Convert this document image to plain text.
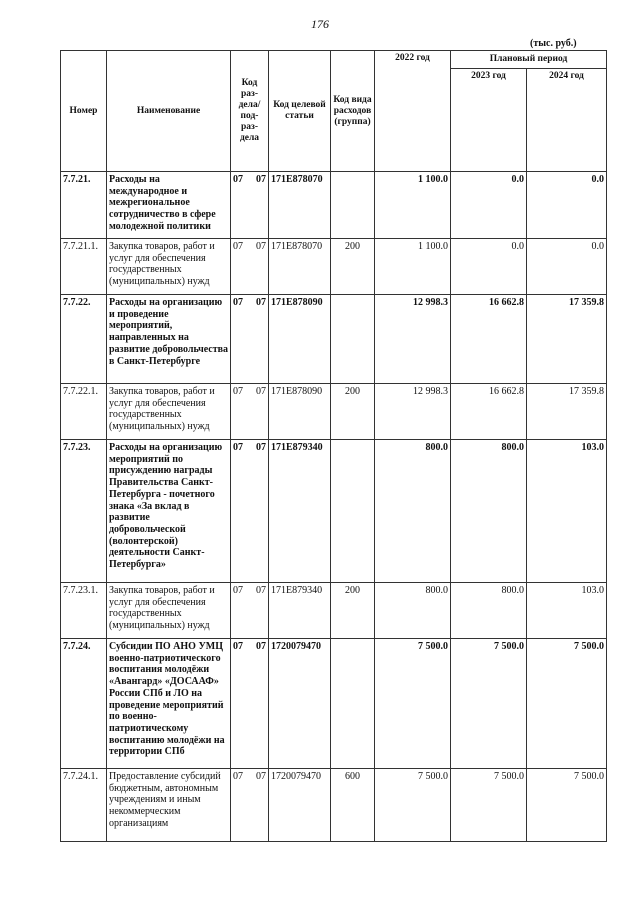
176
(тыс. руб.)
Номер	Наименование	Код раз-дела/ под-раз-дела	Код целевой статьи	Код вида расходов (группа)	2022 год	Плановый период	
						2023 год	2024 год
7.7.21.	Расходы на международное и межрегиональное сотрудничество в сфере молодежной политики	07 07	171E878070		1 100.0	0.0	0.0
7.7.21.1.	Закупка товаров, работ и услуг для обеспечения государственных (муниципальных) нужд	07 07	171E878070	200	1 100.0	0.0	0.0
7.7.22.	Расходы на организацию и проведение мероприятий, направленных на развитие добровольчества в Санкт-Петербурге	07 07	171E878090		12 998.3	16 662.8	17 359.8
7.7.22.1.	Закупка товаров, работ и услуг для обеспечения государственных (муниципальных) нужд	07 07	171E878090	200	12 998.3	16 662.8	17 359.8
7.7.23.	Расходы на организацию мероприятий по присуждению награды Правительства Санкт-Петербурга - почетного знака «За вклад в развитие добровольческой (волонтерской) деятельности Санкт-Петербурга»	07 07	171E879340		800.0	800.0	103.0
7.7.23.1.	Закупка товаров, работ и услуг для обеспечения государственных (муниципальных) нужд	07 07	171E879340	200	800.0	800.0	103.0
7.7.24.	Субсидии ПО АНО УМЦ военно-патриотического воспитания молодёжи «Авангард» «ДОСААФ» России СПб и ЛО на проведение мероприятий по военно-патриотическому воспитанию молодёжи на территории СПб	07 07	1720079470		7 500.0	7 500.0	7 500.0
7.7.24.1.	Предоставление субсидий бюджетным, автономным учреждениям и иным некоммерческим организациям	07 07	1720079470	600	7 500.0	7 500.0	7 500.0
